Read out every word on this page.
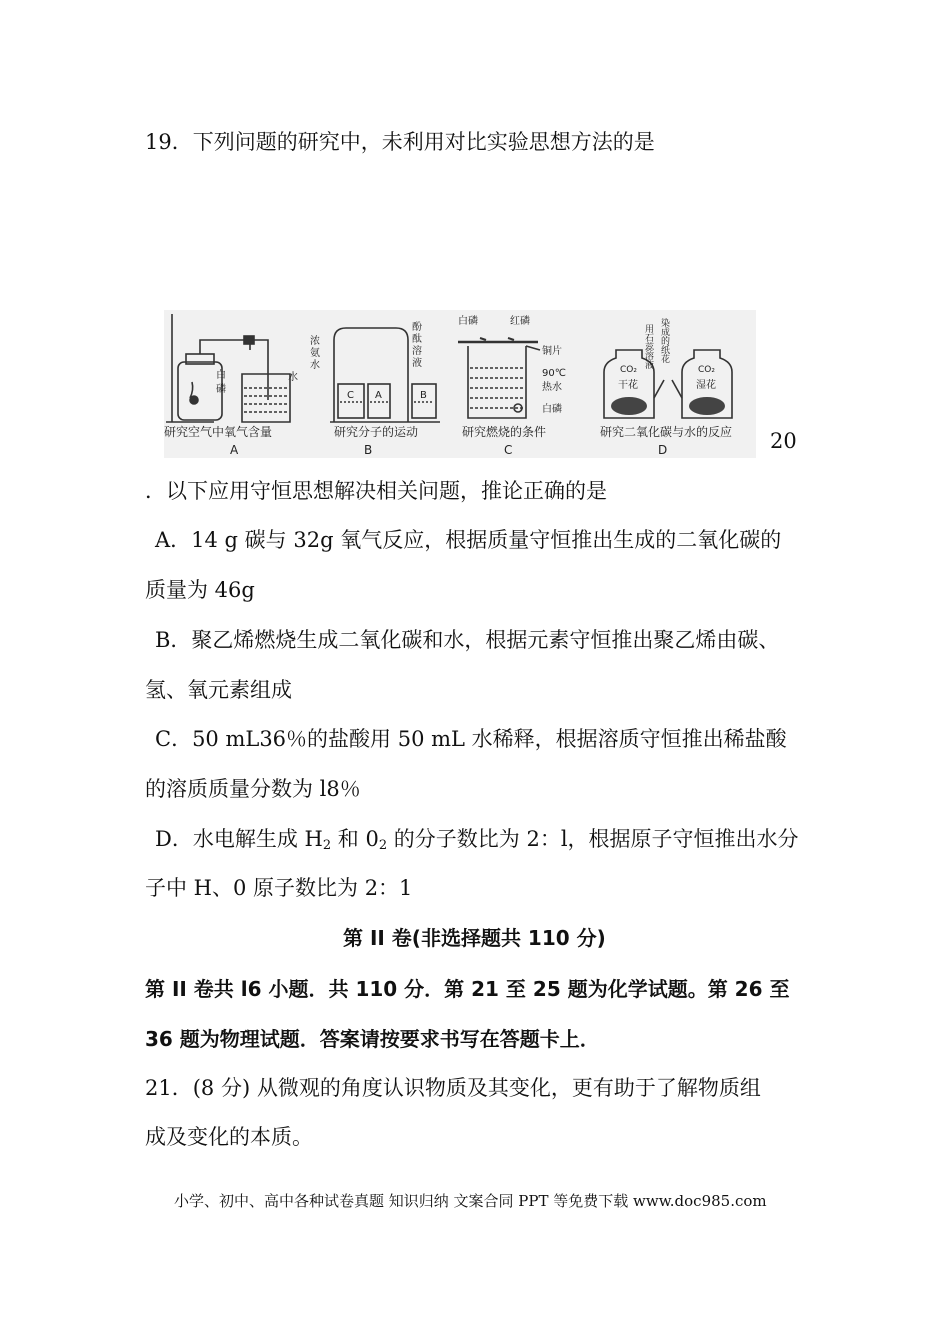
19．下列问题的研究中，未利用对比实验思想方法的是
白
磷
水
浓
氨
水
酚
酞
溶
液
C A	B
白磷	红磷
铜片
90℃
热水
白磷
CO₂
干花
CO₂
湿花
用石蕊溶液 染成的纸花
研究空气中氧气含量
A
研究分子的运动
B
研究燃烧的条件
C
研究二氧化碳与水的反应
D	20
．以下应用守恒思想解决相关问题，推论正确的是
A．14 g 碳与 32g 氧气反应，根据质量守恒推出生成的二氧化碳的
质量为 46g
B．聚乙烯燃烧生成二氧化碳和水，根据元素守恒推出聚乙烯由碳、
氢、氧元素组成
C．50 mL36％的盐酸用 50 mL 水稀释，根据溶质守恒推出稀盐酸
的溶质质量分数为 l8％
D．水电解生成 $H_2$ 和 $0_2$ 的分子数比为 2：l，根据原子守恒推出水分
子中 H、0 原子数比为 2：1
第 II 卷(非选择题共 110 分)
第 II 卷共 l6 小题．共 110 分．第 21 至 25 题为化学试题。第 26 至
36 题为物理试题．答案请按要求书写在答题卡上．
21．(8 分) 从微观的角度认识物质及其变化，更有助于了解物质组
成及变化的本质。
小学、初中、高中各种试卷真题 知识归纳 文案合同 PPT 等免费下载 www.doc985.com
